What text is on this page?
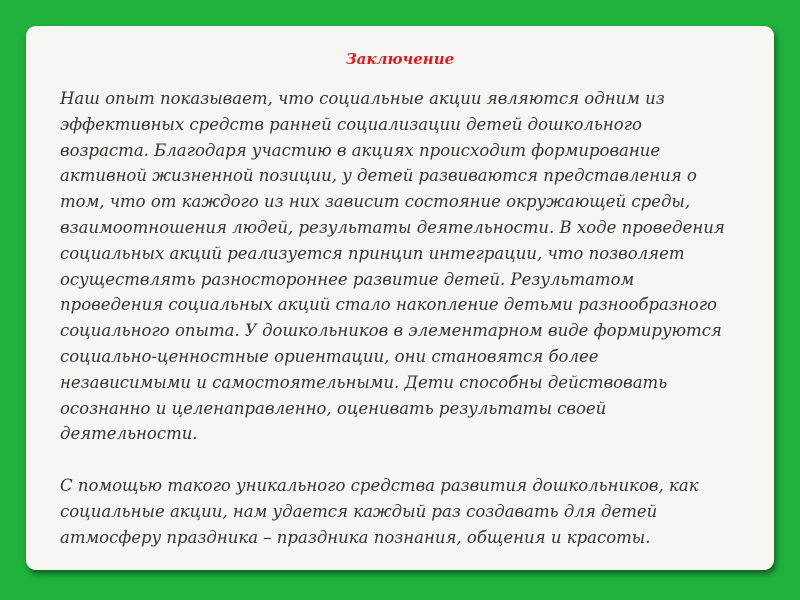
Заключение

Наш опыт показывает, что социальные акции являются одним из
эффективных средств ранней социализации детей дошкольного
возраста. Благодаря участию в акциях происходит формирование
активной жизненной позиции, у детей развиваются представления о
том, что от каждого из них зависит состояние окружающей среды,
взаимоотношения людей, результаты деятельности. В ходе проведения
социальных акций реализуется принцип интеграции, что позволяет
осуществлять разностороннее развитие детей. Результатом
проведения социальных акций стало накопление детьми разнообразного
социального опыта. У дошкольников в элементарном виде формируются
социально-ценностные ориентации, они становятся более
независимыми и самостоятельными. Дети способны действовать
осознанно и целенаправленно, оценивать результаты своей
деятельности.

С помощью такого уникального средства развития дошкольников, как
социальные акции, нам удается каждый раз создавать для детей
атмосферу праздника – праздника познания, общения и красоты.
